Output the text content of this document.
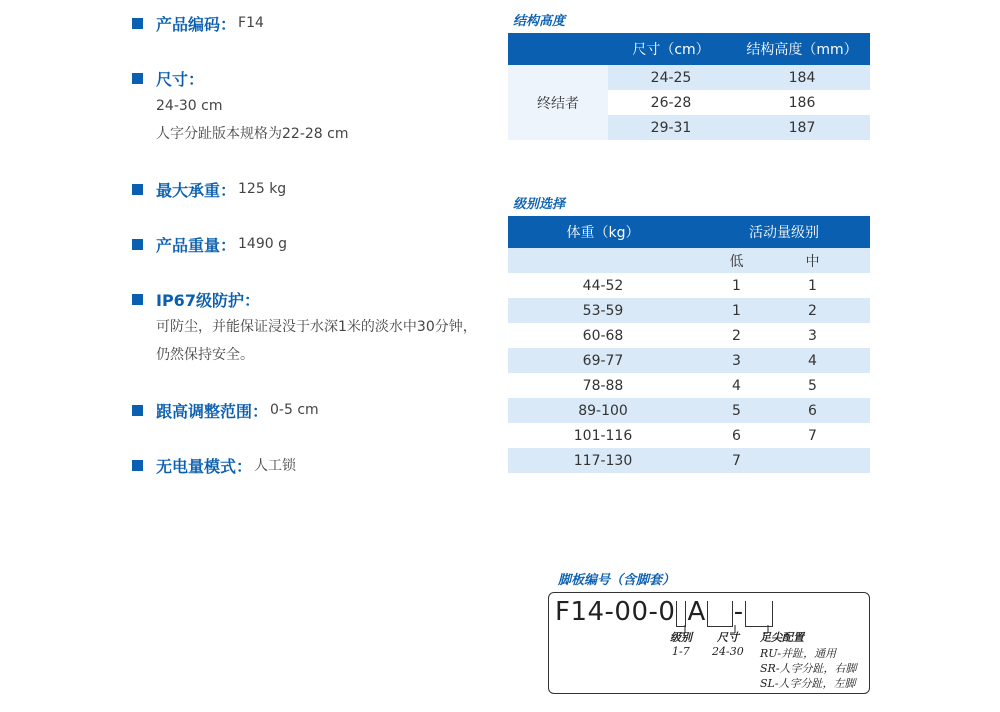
产品编码： F14
尺寸：
24-30 cm
人字分趾版本规格为22-28 cm
最大承重： 125 kg
产品重量： 1490 g
IP67级防护：
可防尘，并能保证浸没于水深1米的淡水中30分钟，
仍然保持安全。
跟高调整范围： 0-5 cm
无电量模式： 人工锁
结构高度
尺寸（cm）	结构高度（mm）
终结者
24-25	184
26-28	186
29-31	187
级别选择
体重（kg）	活动量级别
低	中
44-52	1	1
53-59	1	2
60-68	2	3
69-77	3	4
78-88	4	5
89-100	5	6
101-116	6	7
117-130	7
脚板编号（含脚套）
F14-00-0 A -
级别
1-7
尺寸
24-30
足尖配置
RU-并趾，通用
SR-人字分趾，右脚
SL-人字分趾，左脚
